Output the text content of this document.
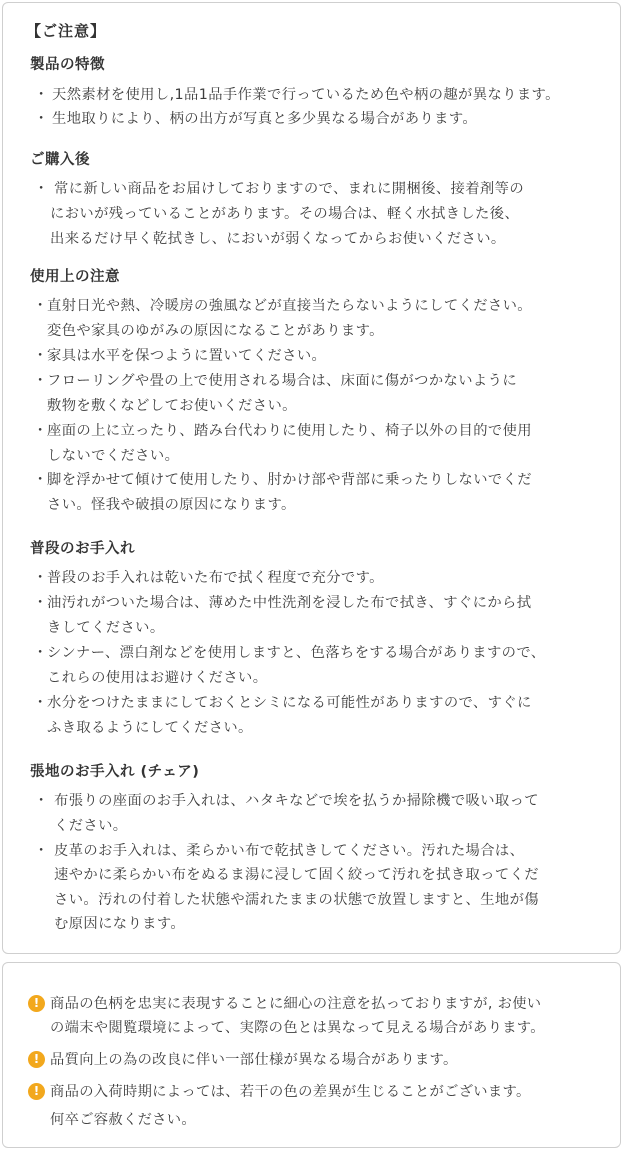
【ご注意】
製品の特徴
・ 天然素材を使用し,1品1品手作業で行っているため色や柄の趣が異なります。
・ 生地取りにより、柄の出方が写真と多少異なる場合があります。
ご購入後
・ 常に新しい商品をお届けしておりますので、まれに開梱後、接着剤等の
においが残っていることがあります。その場合は、軽く水拭きした後、
出来るだけ早く乾拭きし、においが弱くなってからお使いください。
使用上の注意
・ 直射日光や熱、冷暖房の強風などが直接当たらないようにしてください。
変色や家具のゆがみの原因になることがあります。
・ 家具は水平を保つように置いてください。
・ フローリングや畳の上で使用される場合は、床面に傷がつかないように
敷物を敷くなどしてお使いください。
・ 座面の上に立ったり、踏み台代わりに使用したり、椅子以外の目的で使用
しないでください。
・ 脚を浮かせて傾けて使用したり、肘かけ部や背部に乗ったりしないでくだ
さい。怪我や破損の原因になります。
普段のお手入れ
・ 普段のお手入れは乾いた布で拭く程度で充分です。
・ 油汚れがついた場合は、薄めた中性洗剤を浸した布で拭き、すぐにから拭
きしてください。
・ シンナー、漂白剤などを使用しますと、色落ちをする場合がありますので、
これらの使用はお避けください。
・ 水分をつけたままにしておくとシミになる可能性がありますので、すぐに
ふき取るようにしてください。
張地のお手入れ (チェア)
・ 布張りの座面のお手入れは、ハタキなどで埃を払うか掃除機で吸い取って
ください。
・ 皮革のお手入れは、柔らかい布で乾拭きしてください。汚れた場合は、
速やかに柔らかい布をぬるま湯に浸して固く絞って汚れを拭き取ってくだ
さい。汚れの付着した状態や濡れたままの状態で放置しますと、生地が傷
む原因になります。
! 商品の色柄を忠実に表現することに細心の注意を払っておりますが, お使い
の端末や閲覧環境によって、実際の色とは異なって見える場合があります。
! 品質向上の為の改良に伴い一部仕様が異なる場合があります。
! 商品の入荷時期によっては、若干の色の差異が生じることがございます。
何卒ご容赦ください。
